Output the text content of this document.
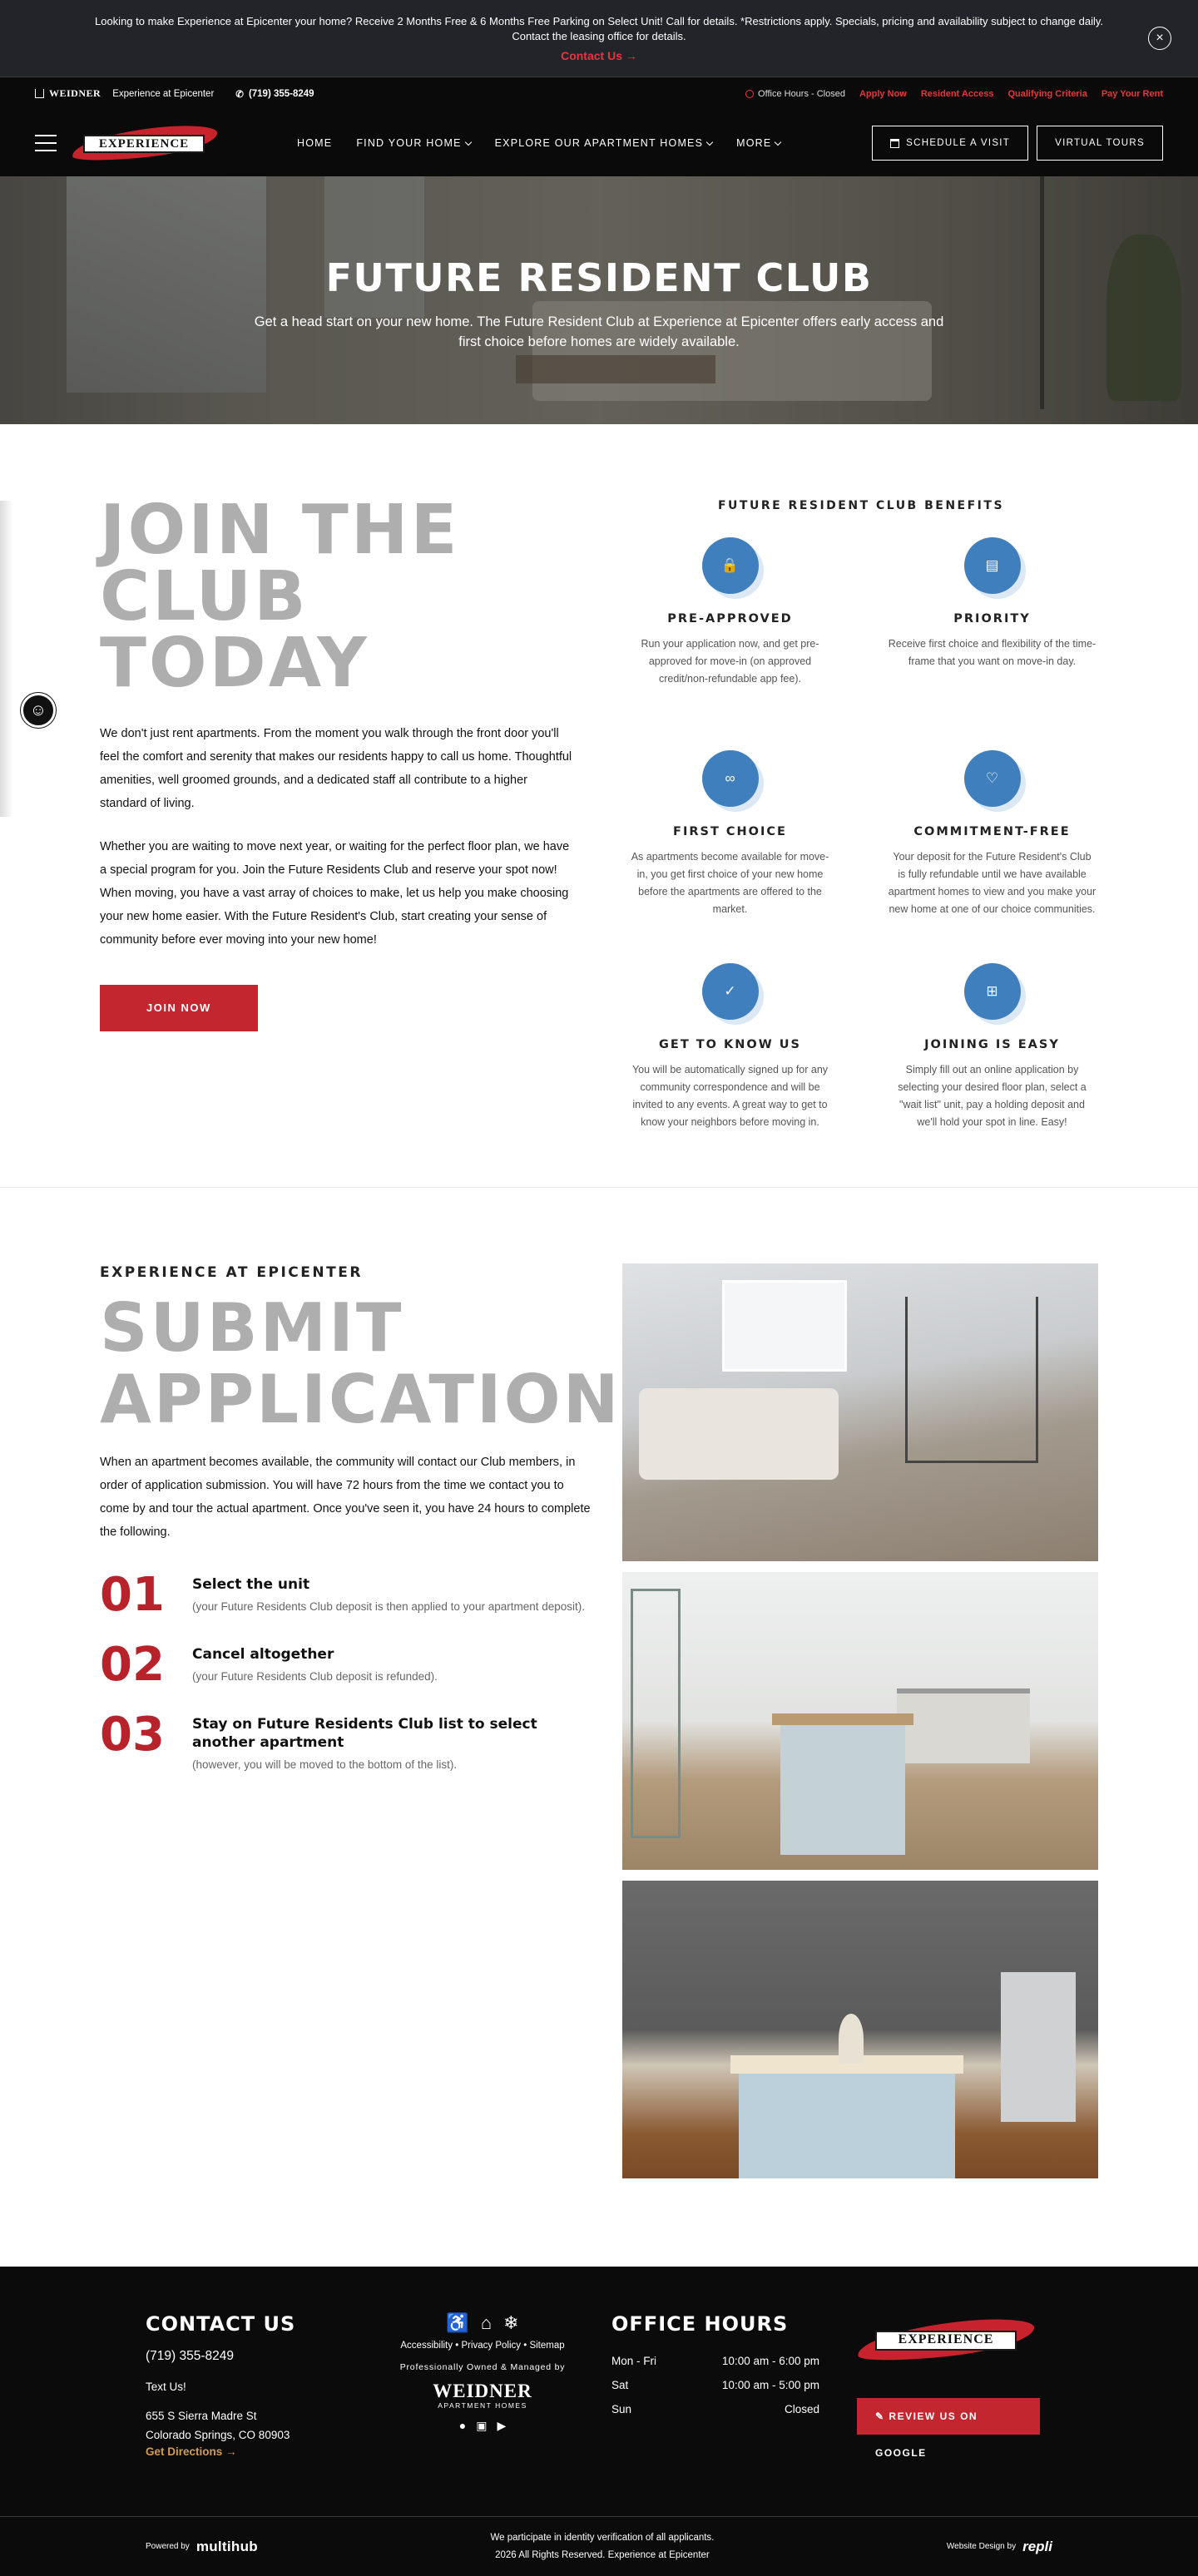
Looking to make Experience at Epicenter your home? Receive 2 Months Free & 6 Months Free Parking on Select Unit! Call for details. *Restrictions apply. Specials, pricing and availability subject to change daily. Contact the leasing office for details.

Contact Us →
×
WEIDNER Experience at Epicenter ✆ (719) 355-8249	Office Hours - Closed Apply Now Resident Access Qualifying Criteria Pay Your Rent
EXPERIENCE	HOME FIND YOUR HOME	EXPLORE OUR APARTMENT HOMES	MORE	SCHEDULE A VISIT	VIRTUAL TOURS
FUTURE RESIDENT CLUB

Get a head start on your new home. The Future Resident Club at Experience at Epicenter offers early access and first choice before homes are widely available.

☺
JOIN THE
CLUB TODAY

We don't just rent apartments. From the moment you walk through the front door you'll feel the comfort and serenity that makes our residents happy to call us home. Thoughtful amenities, well groomed grounds, and a dedicated staff all contribute to a higher standard of living.

Whether you are waiting to move next year, or waiting for the perfect floor plan, we have a special program for you. Join the Future Residents Club and reserve your spot now! When moving, you have a vast array of choices to make, let us help you make choosing your new home easier. With the Future Resident's Club, start creating your sense of community before ever moving into your new home!

JOIN NOW
FUTURE RESIDENT CLUB BENEFITS
🔒
PRE-APPROVED

Run your application now, and get pre-approved for move-in (on approved credit/non-refundable app fee).

▤
PRIORITY

Receive first choice and flexibility of the time-frame that you want on move-in day.

∞
FIRST CHOICE

As apartments become available for move-in, you get first choice of your new home before the apartments are offered to the market.

♡
COMMITMENT-FREE

Your deposit for the Future Resident's Club is fully refundable until we have available apartment homes to view and you make your new home at one of our choice communities.

✓
GET TO KNOW US

You will be automatically signed up for any community correspondence and will be invited to any events. A great way to get to know your neighbors before moving in.

⊞
JOINING IS EASY

Simply fill out an online application by selecting your desired floor plan, select a "wait list" unit, pay a holding deposit and we'll hold your spot in line. Easy!

EXPERIENCE AT EPICENTER
SUBMIT
APPLICATION

When an apartment becomes available, the community will contact our Club members, in order of application submission. You will have 72 hours from the time we contact you to come by and tour the actual apartment. Once you've seen it, you have 24 hours to complete the following.

01 Select the unit

(your Future Residents Club deposit is then applied to your apartment deposit).

02 Cancel altogether

(your Future Residents Club deposit is refunded).

03 Stay on Future Residents Club list to select another apartment

(however, you will be moved to the bottom of the list).

CONTACT US
(719) 355-8249
Text Us!
655 S Sierra Madre St
Colorado Springs, CO 80903
Get Directions →
♿ ⌂ ❄
Accessibility • Privacy Policy • Sitemap
Professionally Owned & Managed by
WEIDNER
APARTMENT HOMES
● ▣ ▶
OFFICE HOURS
Mon - Fri	10:00 am - 6:00 pm
Sat	10:00 am - 5:00 pm
Sun	Closed
EXPERIENCE
✎ REVIEW US ON GOOGLE
Powered by multihub
We participate in identity verification of all applicants.
2026 All Rights Reserved. Experience at Epicenter
Website Design by repli
